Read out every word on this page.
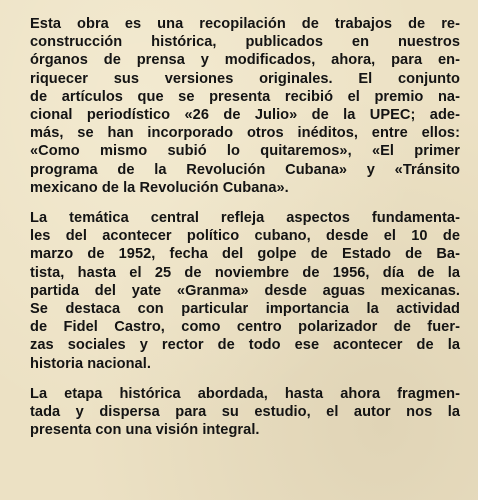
Esta obra es una recopilación de trabajos de re-
construcción histórica, publicados en nuestros
órganos de prensa y modificados, ahora, para en-
riquecer sus versiones originales. El conjunto
de artículos que se presenta recibió el premio na-
cional periodístico «26 de Julio» de la UPEC; ade-
más, se han incorporado otros inéditos, entre ellos:
«Como mismo subió lo quitaremos», «El primer
programa de la Revolución Cubana» y «Tránsito
mexicano de la Revolución Cubana».

La temática central refleja aspectos fundamenta-
les del acontecer político cubano, desde el 10 de
marzo de 1952, fecha del golpe de Estado de Ba-
tista, hasta el 25 de noviembre de 1956, día de la
partida del yate «Granma» desde aguas mexicanas.
Se destaca con particular importancia la actividad
de Fidel Castro, como centro polarizador de fuer-
zas sociales y rector de todo ese acontecer de la
historia nacional.

La etapa histórica abordada, hasta ahora fragmen-
tada y dispersa para su estudio, el autor nos la
presenta con una visión integral.
